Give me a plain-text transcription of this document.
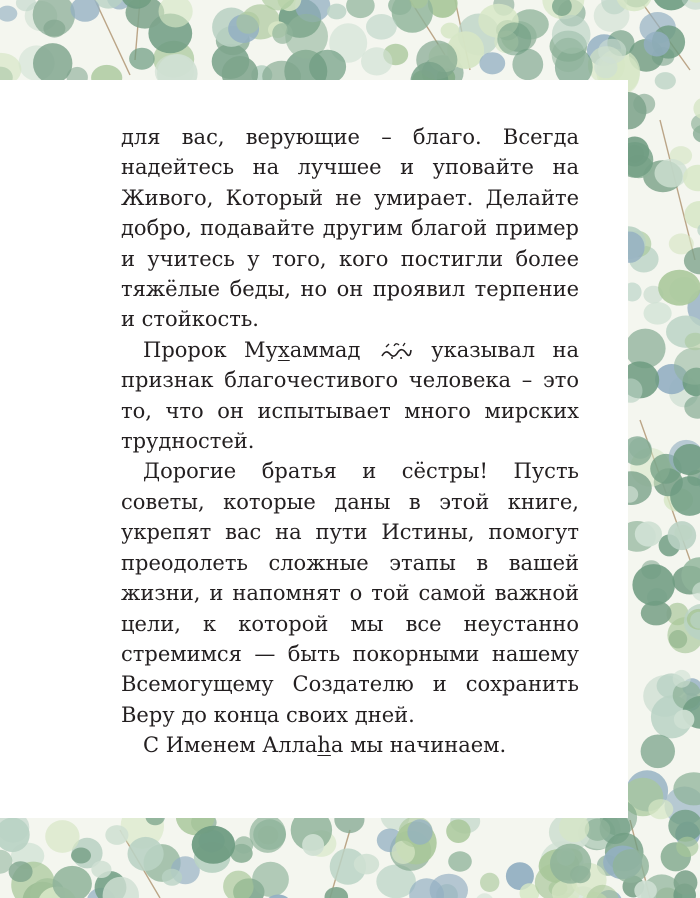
для вас, верующие – благо. Всегда надейтесь на лучшее и уповайте на Живого, Который не умирает. Делайте добро, подавайте другим благой пример и учитесь у того, кого постигли более тяжёлые беды, но он проявил терпение и стойкость.

Пророк Мухаммад	указывал на признак благочестивого человека – это то, что он испытывает много мирских трудностей.

Дорогие братья и сёстры! Пусть советы, которые даны в этой книге, укрепят вас на пути Истины, помогут преодолеть сложные этапы в вашей жизни, и напомнят о той самой важной цели, к которой мы все неустанно стремимся — быть покорными нашему Всемогущему Создателю и сохранить Веру до конца своих дней.

С Именем Аллаhа мы начинаем.
